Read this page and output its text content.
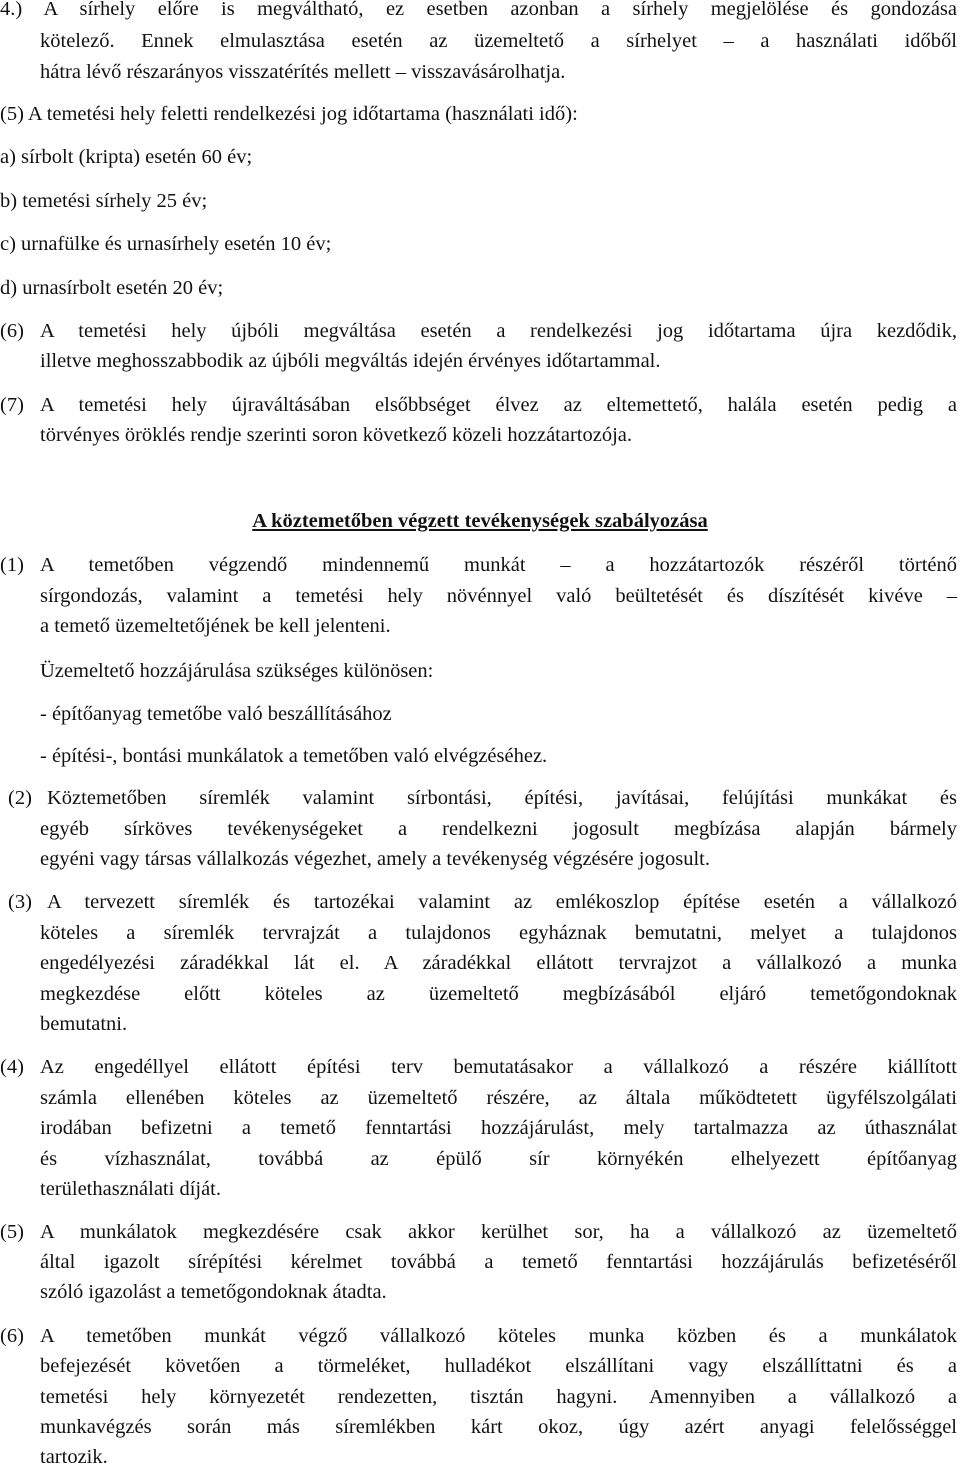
4.) A sírhely előre is megváltható, ez esetben azonban a sírhely megjelölése és gondozása
kötelező. Ennek elmulasztása esetén az üzemeltető a sírhelyet – a használati időből
hátra lévő részarányos visszatérítés mellett – visszavásárolhatja.
(5) A temetési hely feletti rendelkezési jog időtartama (használati idő):
a) sírbolt (kripta) esetén 60 év;
b) temetési sírhely 25 év;
c) urnafülke és urnasírhely esetén 10 év;
d) urnasírbolt esetén 20 év;
(6) A temetési hely újbóli megváltása esetén a rendelkezési jog időtartama újra kezdődik,
illetve meghosszabbodik az újbóli megváltás idején érvényes időtartammal.
(7) A temetési hely újraváltásában elsőbbséget élvez az eltemettető, halála esetén pedig a
törvényes öröklés rendje szerinti soron következő közeli hozzátartozója.
A köztemetőben végzett tevékenységek szabályozása
(1) A temetőben végzendő mindennemű munkát – a hozzátartozók részéről történő
sírgondozás, valamint a temetési hely növénnyel való beültetését és díszítését kivéve –
a temető üzemeltetőjének be kell jelenteni.
Üzemeltető hozzájárulása szükséges különösen:
- építőanyag temetőbe való beszállításához
- építési-, bontási munkálatok a temetőben való elvégzéséhez.
(2) Köztemetőben síremlék valamint sírbontási, építési, javításai, felújítási munkákat és
egyéb sírköves tevékenységeket a rendelkezni jogosult megbízása alapján bármely
egyéni vagy társas vállalkozás végezhet, amely a tevékenység végzésére jogosult.
(3) A tervezett síremlék és tartozékai valamint az emlékoszlop építése esetén a vállalkozó
köteles a síremlék tervrajzát a tulajdonos egyháznak bemutatni, melyet a tulajdonos
engedélyezési záradékkal lát el. A záradékkal ellátott tervrajzot a vállalkozó a munka
megkezdése előtt köteles az üzemeltető megbízásából eljáró temetőgondoknak
bemutatni.
(4) Az engedéllyel ellátott építési terv bemutatásakor a vállalkozó a részére kiállított
számla ellenében köteles az üzemeltető részére, az általa működtetett ügyfélszolgálati
irodában befizetni a temető fenntartási hozzájárulást, mely tartalmazza az úthasználat
és vízhasználat, továbbá az épülő sír környékén elhelyezett építőanyag
területhasználati díját.
(5) A munkálatok megkezdésére csak akkor kerülhet sor, ha a vállalkozó az üzemeltető
által igazolt sírépítési kérelmet továbbá a temető fenntartási hozzájárulás befizetéséről
szóló igazolást a temetőgondoknak átadta.
(6) A temetőben munkát végző vállalkozó köteles munka közben és a munkálatok
befejezését követően a törmeléket, hulladékot elszállítani vagy elszállíttatni és a
temetési hely környezetét rendezetten, tisztán hagyni. Amennyiben a vállalkozó a
munkavégzés során más síremlékben kárt okoz, úgy azért anyagi felelősséggel
tartozik.
